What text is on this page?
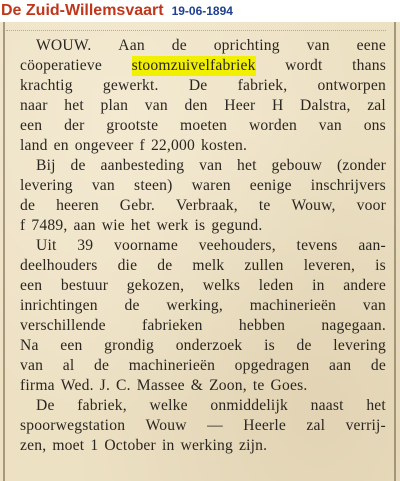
De Zuid-Willemsvaart 19-06-1894
WOUW. Aan de oprichting van eene
cöoperatieve stoomzuivelfabriek wordt thans
krachtig gewerkt. De fabriek, ontworpen
naar het plan van den Heer H Dalstra, zal
een der grootste moeten worden van ons
land en ongeveer f 22,000 kosten.
Bij de aanbesteding van het gebouw (zonder
levering van steen) waren eenige inschrijvers
de heeren Gebr. Verbraak, te Wouw, voor
f 7489, aan wie het werk is gegund.
Uit 39 voorname veehouders, tevens aan-
deelhouders die de melk zullen leveren, is
een bestuur gekozen, welks leden in andere
inrichtingen de werking, machinerieën van
verschillende fabrieken hebben nagegaan.
Na een grondig onderzoek is de levering
van al de machinerieën opgedragen aan de
firma Wed. J. C. Massee & Zoon, te Goes.
De fabriek, welke onmiddelijk naast het
spoorwegstation Wouw — Heerle zal verrij-
zen, moet 1 October in werking zijn.
